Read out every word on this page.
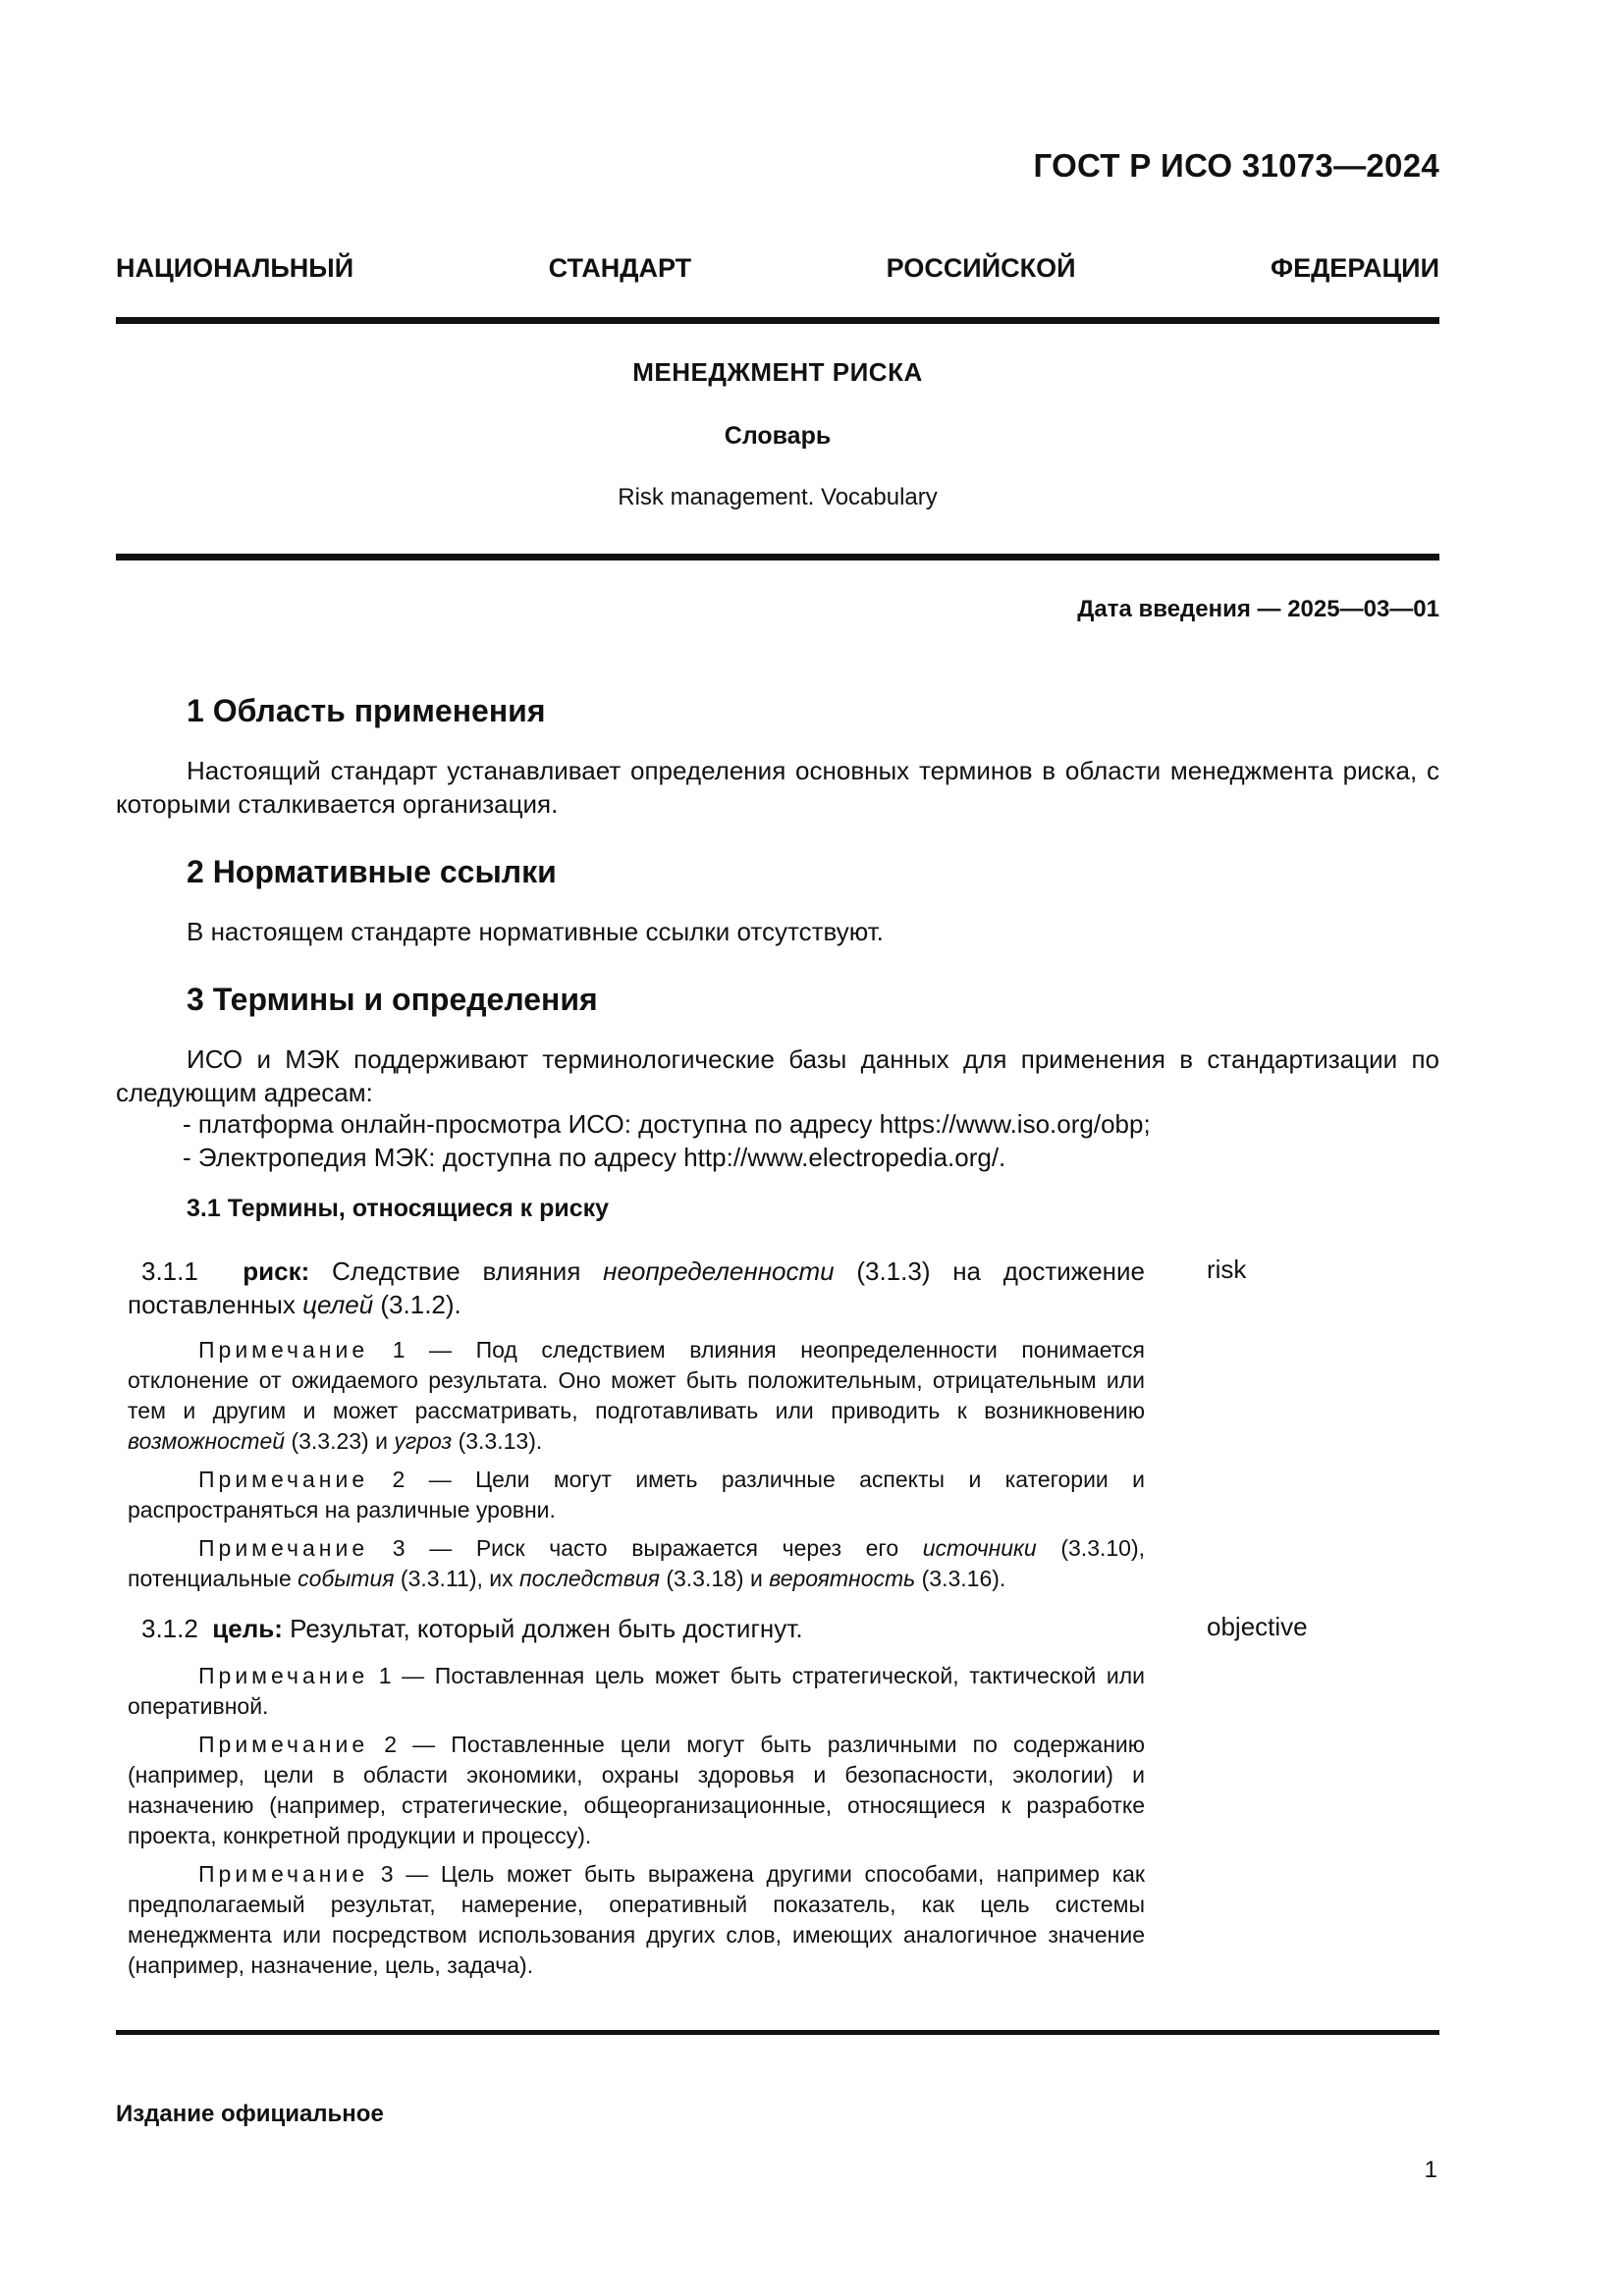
ГОСТ Р ИСО 31073—2024
НАЦИОНАЛЬНЫЙ СТАНДАРТ РОССИЙСКОЙ ФЕДЕРАЦИИ
МЕНЕДЖМЕНТ РИСКА
Словарь
Risk management. Vocabulary
Дата введения — 2025—03—01
1 Область применения
Настоящий стандарт устанавливает определения основных терминов в области менеджмента риска, с которыми сталкивается организация.
2 Нормативные ссылки
В настоящем стандарте нормативные ссылки отсутствуют.
3 Термины и определения
ИСО и МЭК поддерживают терминологические базы данных для применения в стандартизации по следующим адресам:
- платформа онлайн-просмотра ИСО: доступна по адресу https://www.iso.org/obp;
- Электропедия МЭК: доступна по адресу http://www.electropedia.org/.
3.1 Термины, относящиеся к риску
3.1.1 риск: Следствие влияния неопределенности (3.1.3) на достижение поставленных целей (3.1.2).
risk
Примечание 1 — Под следствием влияния неопределенности понимается отклонение от ожидаемого результата. Оно может быть положительным, отрицательным или тем и другим и может рассматривать, подготавливать или приводить к возникновению возможностей (3.3.23) и угроз (3.3.13).
Примечание 2 — Цели могут иметь различные аспекты и категории и распространяться на различные уровни.
Примечание 3 — Риск часто выражается через его источники (3.3.10), потенциальные события (3.3.11), их последствия (3.3.18) и вероятность (3.3.16).
3.1.2 цель: Результат, который должен быть достигнут.	objective
Примечание 1 — Поставленная цель может быть стратегической, тактической или оперативной.
Примечание 2 — Поставленные цели могут быть различными по содержанию (например, цели в области экономики, охраны здоровья и безопасности, экологии) и назначению (например, стратегические, общеорганизационные, относящиеся к разработке проекта, конкретной продукции и процессу).
Примечание 3 — Цель может быть выражена другими способами, например как предполагаемый результат, намерение, оперативный показатель, как цель системы менеджмента или посредством использования других слов, имеющих аналогичное значение (например, назначение, цель, задача).
Издание официальное
1
